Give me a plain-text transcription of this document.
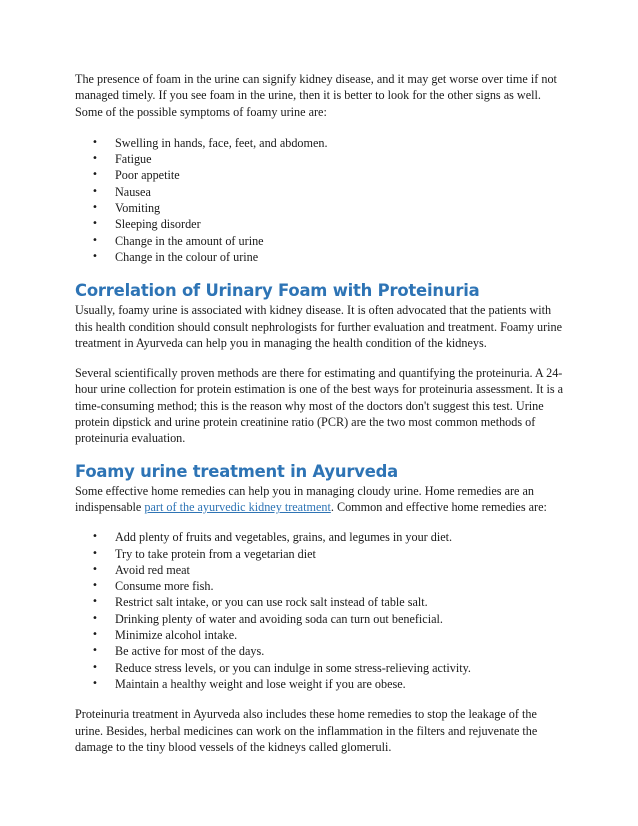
The presence of foam in the urine can signify kidney disease, and it may get worse over time if not managed timely. If you see foam in the urine, then it is better to look for the other signs as well. Some of the possible symptoms of foamy urine are:

• Swelling in hands, face, feet, and abdomen.
• Fatigue
• Poor appetite
• Nausea
• Vomiting
• Sleeping disorder
• Change in the amount of urine
• Change in the colour of urine
Correlation of Urinary Foam with Proteinuria

Usually, foamy urine is associated with kidney disease. It is often advocated that the patients with this health condition should consult nephrologists for further evaluation and treatment. Foamy urine treatment in Ayurveda can help you in managing the health condition of the kidneys.

Several scientifically proven methods are there for estimating and quantifying the proteinuria. A 24-hour urine collection for protein estimation is one of the best ways for proteinuria assessment. It is a time-consuming method; this is the reason why most of the doctors don't suggest this test. Urine protein dipstick and urine protein creatinine ratio (PCR) are the two most common methods of proteinuria evaluation.

Foamy urine treatment in Ayurveda

Some effective home remedies can help you in managing cloudy urine. Home remedies are an indispensable part of the ayurvedic kidney treatment. Common and effective home remedies are:

• Add plenty of fruits and vegetables, grains, and legumes in your diet.
• Try to take protein from a vegetarian diet
• Avoid red meat
• Consume more fish.
• Restrict salt intake, or you can use rock salt instead of table salt.
• Drinking plenty of water and avoiding soda can turn out beneficial.
• Minimize alcohol intake.
• Be active for most of the days.
• Reduce stress levels, or you can indulge in some stress-relieving activity.
• Maintain a healthy weight and lose weight if you are obese.

Proteinuria treatment in Ayurveda also includes these home remedies to stop the leakage of the urine. Besides, herbal medicines can work on the inflammation in the filters and rejuvenate the damage to the tiny blood vessels of the kidneys called glomeruli.
